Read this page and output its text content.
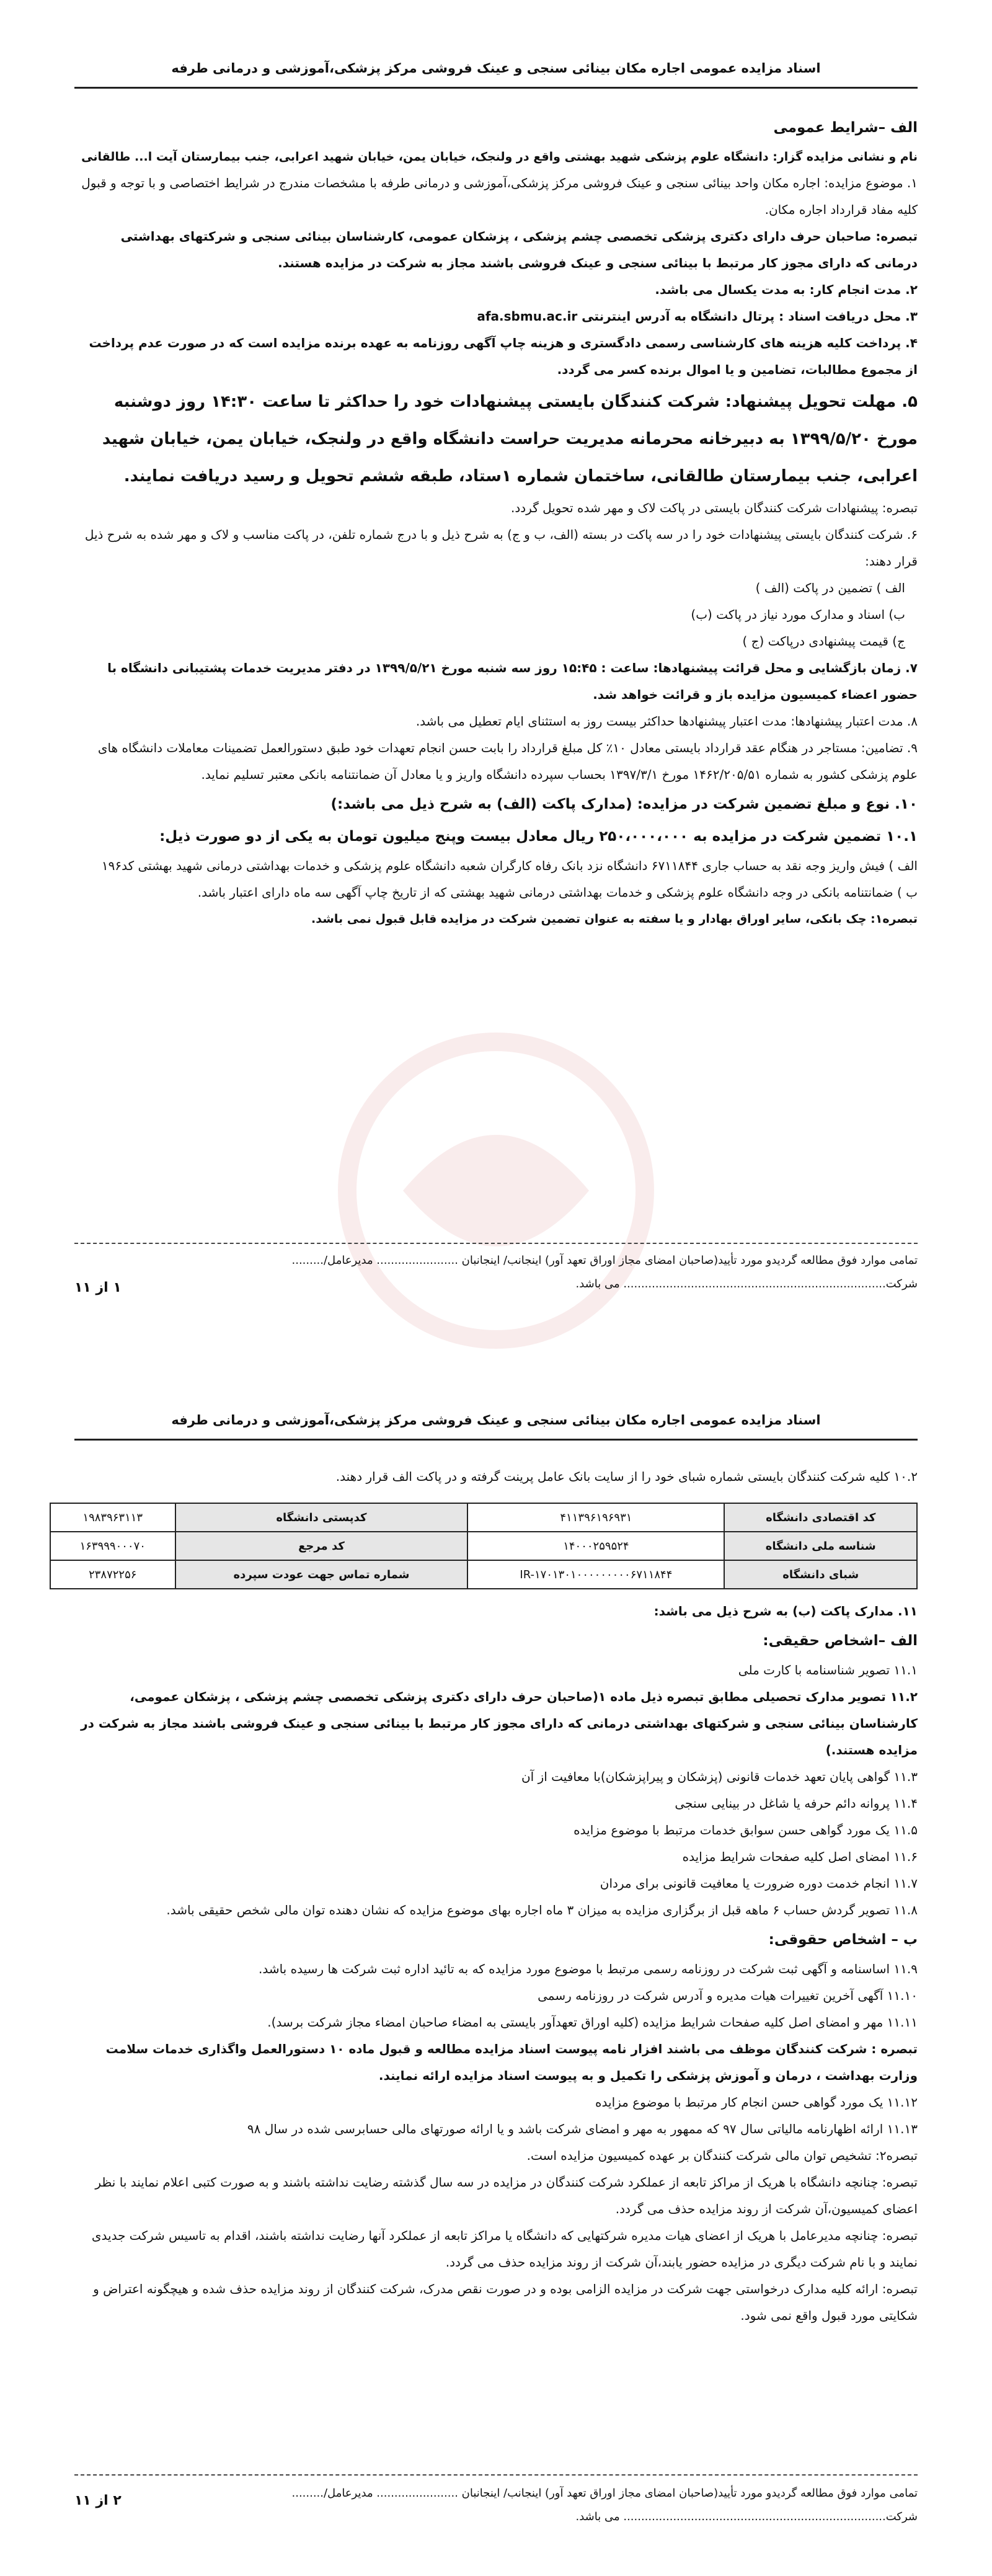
اسناد مزایده عمومی اجاره مکان بینائی سنجی و عینک فروشی مرکز پزشکی،آموزشی و درمانی طرفه

الف –شرایط عمومی

نام و نشانی مزایده گزار: دانشگاه علوم پزشکی شهید بهشتی واقع در ولنجک، خیابان یمن، خیابان شهید اعرابی، جنب بیمارستان آیت ا... طالقانی

۱. موضوع مزایده: اجاره مکان واحد بینائی سنجی و عینک فروشی مرکز پزشکی،آموزشی و درمانی طرفه با مشخصات مندرج در شرایط اختصاصی و با توجه و قبول کلیه مفاد قرارداد اجاره مکان.

تبصره: صاحبان حرف دارای دکتری پزشکی تخصصی چشم پزشکی ، پزشکان عمومی، کارشناسان بینائی سنجی و شرکتهای بهداشتی درمانی که دارای مجوز کار مرتبط با بینائی سنجی و عینک فروشی باشند مجاز به شرکت در مزایده هستند.

۲. مدت انجام کار: به مدت یکسال می باشد.

۳. محل دریافت اسناد : پرتال دانشگاه به آدرس اینترنتی afa.sbmu.ac.ir

۴. پرداخت کلیه هزینه های کارشناسی رسمی دادگستری و هزینه چاپ آگهی روزنامه به عهده برنده مزایده است که در صورت عدم پرداخت از مجموع مطالبات، تضامین و یا اموال برنده کسر می گردد.

۵. مهلت تحویل پیشنهاد: شرکت کنندگان بایستی پیشنهادات خود را حداکثر تا ساعت ۱۴:۳۰ روز دوشنبه مورخ ۱۳۹۹/۵/۲۰ به دبیرخانه محرمانه مدیریت حراست دانشگاه واقع در ولنجک، خیابان یمن، خیابان شهید اعرابی، جنب بیمارستان طالقانی، ساختمان شماره ۱ستاد، طبقه ششم تحویل و رسید دریافت نمایند.

تبصره: پیشنهادات شرکت کنندگان بایستی در پاکت لاک و مهر شده تحویل گردد.

۶. شرکت کنندگان بایستی پیشنهادات خود را در سه پاکت در بسته (الف، ب و ج) به شرح ذیل و با درج شماره تلفن، در پاکت مناسب و لاک و مهر شده به شرح ذیل قرار دهند:

الف ) تضمین در پاکت (الف )

ب) اسناد و مدارک مورد نیاز در پاکت (ب)

ج) قیمت پیشنهادی درپاکت (ج )

۷. زمان بازگشایی و محل قرائت پیشنهادها: ساعت : ۱۵:۴۵ روز سه شنبه مورخ ۱۳۹۹/۵/۲۱ در دفتر مدیریت خدمات پشتیبانی دانشگاه با حضور اعضاء کمیسیون مزایده باز و قرائت خواهد شد.

۸. مدت اعتبار پیشنهادها: مدت اعتبار پیشنهادها حداکثر بیست روز به استثنای ایام تعطیل می باشد.

۹. تضامین: مستاجر در هنگام عقد قرارداد بایستی معادل ۱۰٪ کل مبلغ قرارداد را بابت حسن انجام تعهدات خود طبق دستورالعمل تضمینات معاملات دانشگاه های علوم پزشکی کشور به شماره ۱۴۶۲/۲۰۵/۵۱ مورخ ۱۳۹۷/۳/۱ بحساب سپرده دانشگاه واریز و یا معادل آن ضمانتنامه بانکی معتبر تسلیم نماید.

۱۰. نوع و مبلغ تضمین شرکت در مزایده: (مدارک پاکت (الف) به شرح ذیل می باشد:)

۱۰.۱ تضمین شرکت در مزایده به ۲۵۰،۰۰۰،۰۰۰ ریال معادل بیست وپنج میلیون تومان به یکی از دو صورت ذیل:

الف ) فیش واریز وجه نقد به حساب جاری ۶۷۱۱۸۴۴ دانشگاه نزد بانک رفاه کارگران شعبه دانشگاه علوم پزشکی و خدمات بهداشتی درمانی شهید بهشتی کد۱۹۶

ب ) ضمانتنامه بانکی در وجه دانشگاه علوم پزشکی و خدمات بهداشتی درمانی شهید بهشتی که از تاریخ چاپ آگهی سه ماه دارای اعتبار باشد.

تبصره۱: چک بانکی، سایر اوراق بهادار و یا سفته به عنوان تضمین شرکت در مزایده قابل قبول نمی باشد.

تمامی موارد فوق مطالعه گردیدو مورد تأیید(صاحبان امضای مجاز اوراق تعهد آور) اینجانب/ اینجانبان ....................... مدیرعامل/.........
شرکت.......................................................................... می باشد.
۱ از ۱۱
اسناد مزایده عمومی اجاره مکان بینائی سنجی و عینک فروشی مرکز پزشکی،آموزشی و درمانی طرفه

۱۰.۲ کلیه شرکت کنندگان بایستی شماره شبای خود را از سایت بانک عامل پرینت گرفته و در پاکت الف قرار دهند.

کد اقتصادی دانشگاه	۴۱۱۳۹۶۱۹۶۹۳۱	کدپستی دانشگاه	۱۹۸۳۹۶۳۱۱۳
شناسه ملی دانشگاه	۱۴۰۰۰۲۵۹۵۲۴	کد مرجع	۱۶۳۹۹۹۰۰۰۷۰
شبای دانشگاه	IR-۱۷۰۱۳۰۱۰۰۰۰۰۰۰۰۰۶۷۱۱۸۴۴	شماره تماس جهت عودت سپرده	۲۳۸۷۲۲۵۶

۱۱. مدارک پاکت (ب) به شرح ذیل می باشد:

الف –اشخاص حقیقی:

۱۱.۱ تصویر شناسنامه با کارت ملی

۱۱.۲ تصویر مدارک تحصیلی مطابق تبصره ذیل ماده ۱(صاحبان حرف دارای دکتری پزشکی تخصصی چشم پزشکی ، پزشکان عمومی، کارشناسان بینائی سنجی و شرکتهای بهداشتی درمانی که دارای مجوز کار مرتبط با بینائی سنجی و عینک فروشی باشند مجاز به شرکت در مزایده هستند.)

۱۱.۳ گواهی پایان تعهد خدمات قانونی (پزشکان و پیراپزشکان)با معافیت از آن

۱۱.۴ پروانه دائم حرفه یا شاغل در بینایی سنجی

۱۱.۵ یک مورد گواهی حسن سوابق خدمات مرتبط با موضوع مزایده

۱۱.۶ امضای اصل کلیه صفحات شرایط مزایده

۱۱.۷ انجام خدمت دوره ضرورت یا معافیت قانونی برای مردان

۱۱.۸ تصویر گردش حساب ۶ ماهه قبل از برگزاری مزایده به میزان ۳ ماه اجاره بهای موضوع مزایده که نشان دهنده توان مالی شخص حقیقی باشد.

ب – اشخاص حقوقی:

۱۱.۹ اساسنامه و آگهی ثبت شرکت در روزنامه رسمی مرتبط با موضوع مورد مزایده که به تائید اداره ثبت شرکت ها رسیده باشد.

۱۱.۱۰ آگهی آخرین تغییرات هیات مدیره و آدرس شرکت در روزنامه رسمی

۱۱.۱۱ مهر و امضای اصل کلیه صفحات شرایط مزایده (کلیه اوراق تعهدآور بایستی به امضاء صاحبان امضاء مجاز شرکت برسد).

تبصره : شرکت کنندگان موظف می باشند افزار نامه پیوست اسناد مزایده مطالعه و قبول ماده ۱۰ دستورالعمل واگذاری خدمات سلامت وزارت بهداشت ، درمان و آموزش پزشکی را تکمیل و به پیوست اسناد مزایده ارائه نمایند.

۱۱.۱۲ یک مورد گواهی حسن انجام کار مرتبط با موضوع مزایده

۱۱.۱۳ ارائه اظهارنامه مالیاتی سال ۹۷ که ممهور به مهر و امضای شرکت باشد و یا ارائه صورتهای مالی حسابرسی شده در سال ۹۸

تبصره۲: تشخیص توان مالی شرکت کنندگان بر عهده کمیسیون مزایده است.

تبصره: چنانچه دانشگاه با هریک از مراکز تابعه از عملکرد شرکت کنندگان در مزایده در سه سال گذشته رضایت نداشته باشند و به صورت کتبی اعلام نمایند با نظر اعضای کمیسیون،آن شرکت از روند مزایده حذف می گردد.

تبصره: چنانچه مدیرعامل با هریک از اعضای هیات مدیره شرکتهایی که دانشگاه یا مراکز تابعه از عملکرد آنها رضایت نداشته باشند، اقدام به تاسیس شرکت جدیدی نمایند و با نام شرکت دیگری در مزایده حضور یابند،آن شرکت از روند مزایده حذف می گردد.

تبصره: ارائه کلیه مدارک درخواستی جهت شرکت در مزایده الزامی بوده و در صورت نقص مدرک، شرکت کنندگان از روند مزایده حذف شده و هیچگونه اعتراض و شکایتی مورد قبول واقع نمی شود.

تمامی موارد فوق مطالعه گردیدو مورد تأیید(صاحبان امضای مجاز اوراق تعهد آور) اینجانب/ اینجانبان ....................... مدیرعامل/.........
شرکت.......................................................................... می باشد.
۲ از ۱۱
